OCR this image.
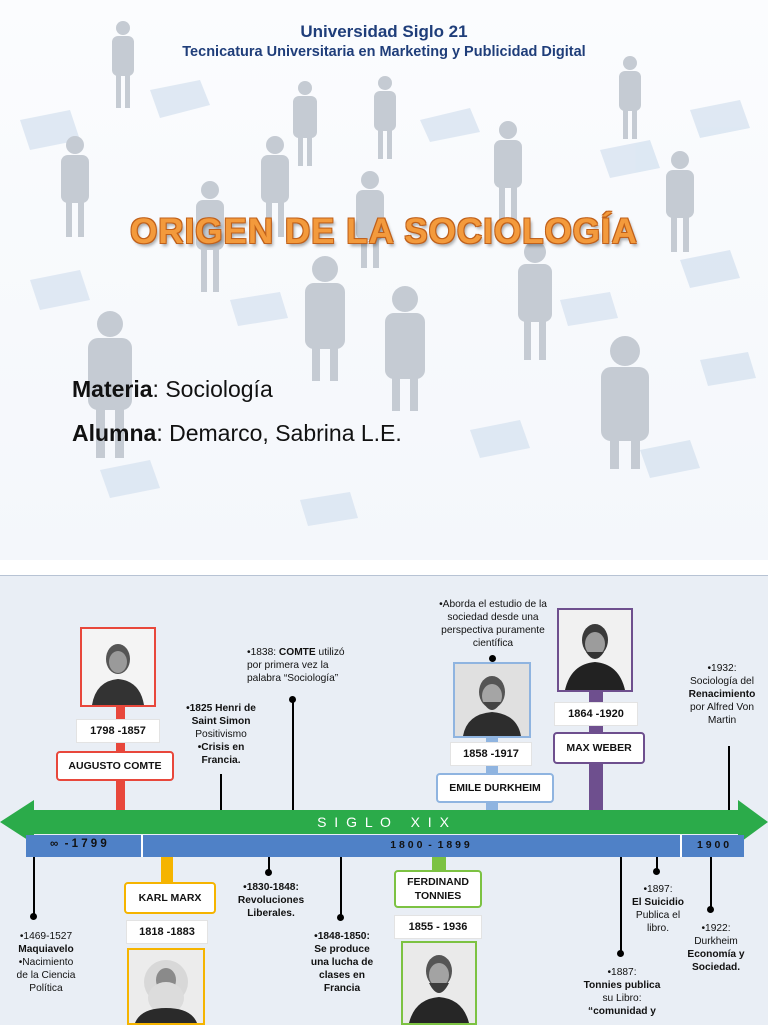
Universidad Siglo 21
Tecnicatura Universitaria en Marketing y Publicidad Digital
ORIGEN DE LA SOCIOLOGÍA
Materia: Sociología
Alumna: Demarco, Sabrina L.E.
S I G L O   X I X
∞  - 1 7 9 9	1 8 0 0  -  1 8 9 9	1 9 0 0
1798 -1857
AUGUSTO COMTE
•1838: COMTE utilizó
por primera vez la
palabra “Sociología”
•1825 Henri de
Saint Simon
Positivismo
•Crisis en
Francia.
•Aborda el estudio de la
sociedad desde una
perspectiva puramente
científica
1858 -1917
EMILE DURKHEIM
1864 -1920
MAX WEBER
•1932:
Sociología del
Renacimiento
por Alfred Von
Martin
•1469-1527
Maquiavelo
•Nacimiento
de la Ciencia
Política
KARL MARX
1818 -1883
•1830-1848:
Revoluciones
Liberales.
•1848-1850:
Se produce
una lucha de
clases en
Francia
FERDINAND
TONNIES
1855 - 1936
•1887:
Tonnies publica
su Libro:
“comunidad y
•1897:
El Suicidio
Publica el
libro.	•1922:
Durkheim
Economía y
Sociedad.
